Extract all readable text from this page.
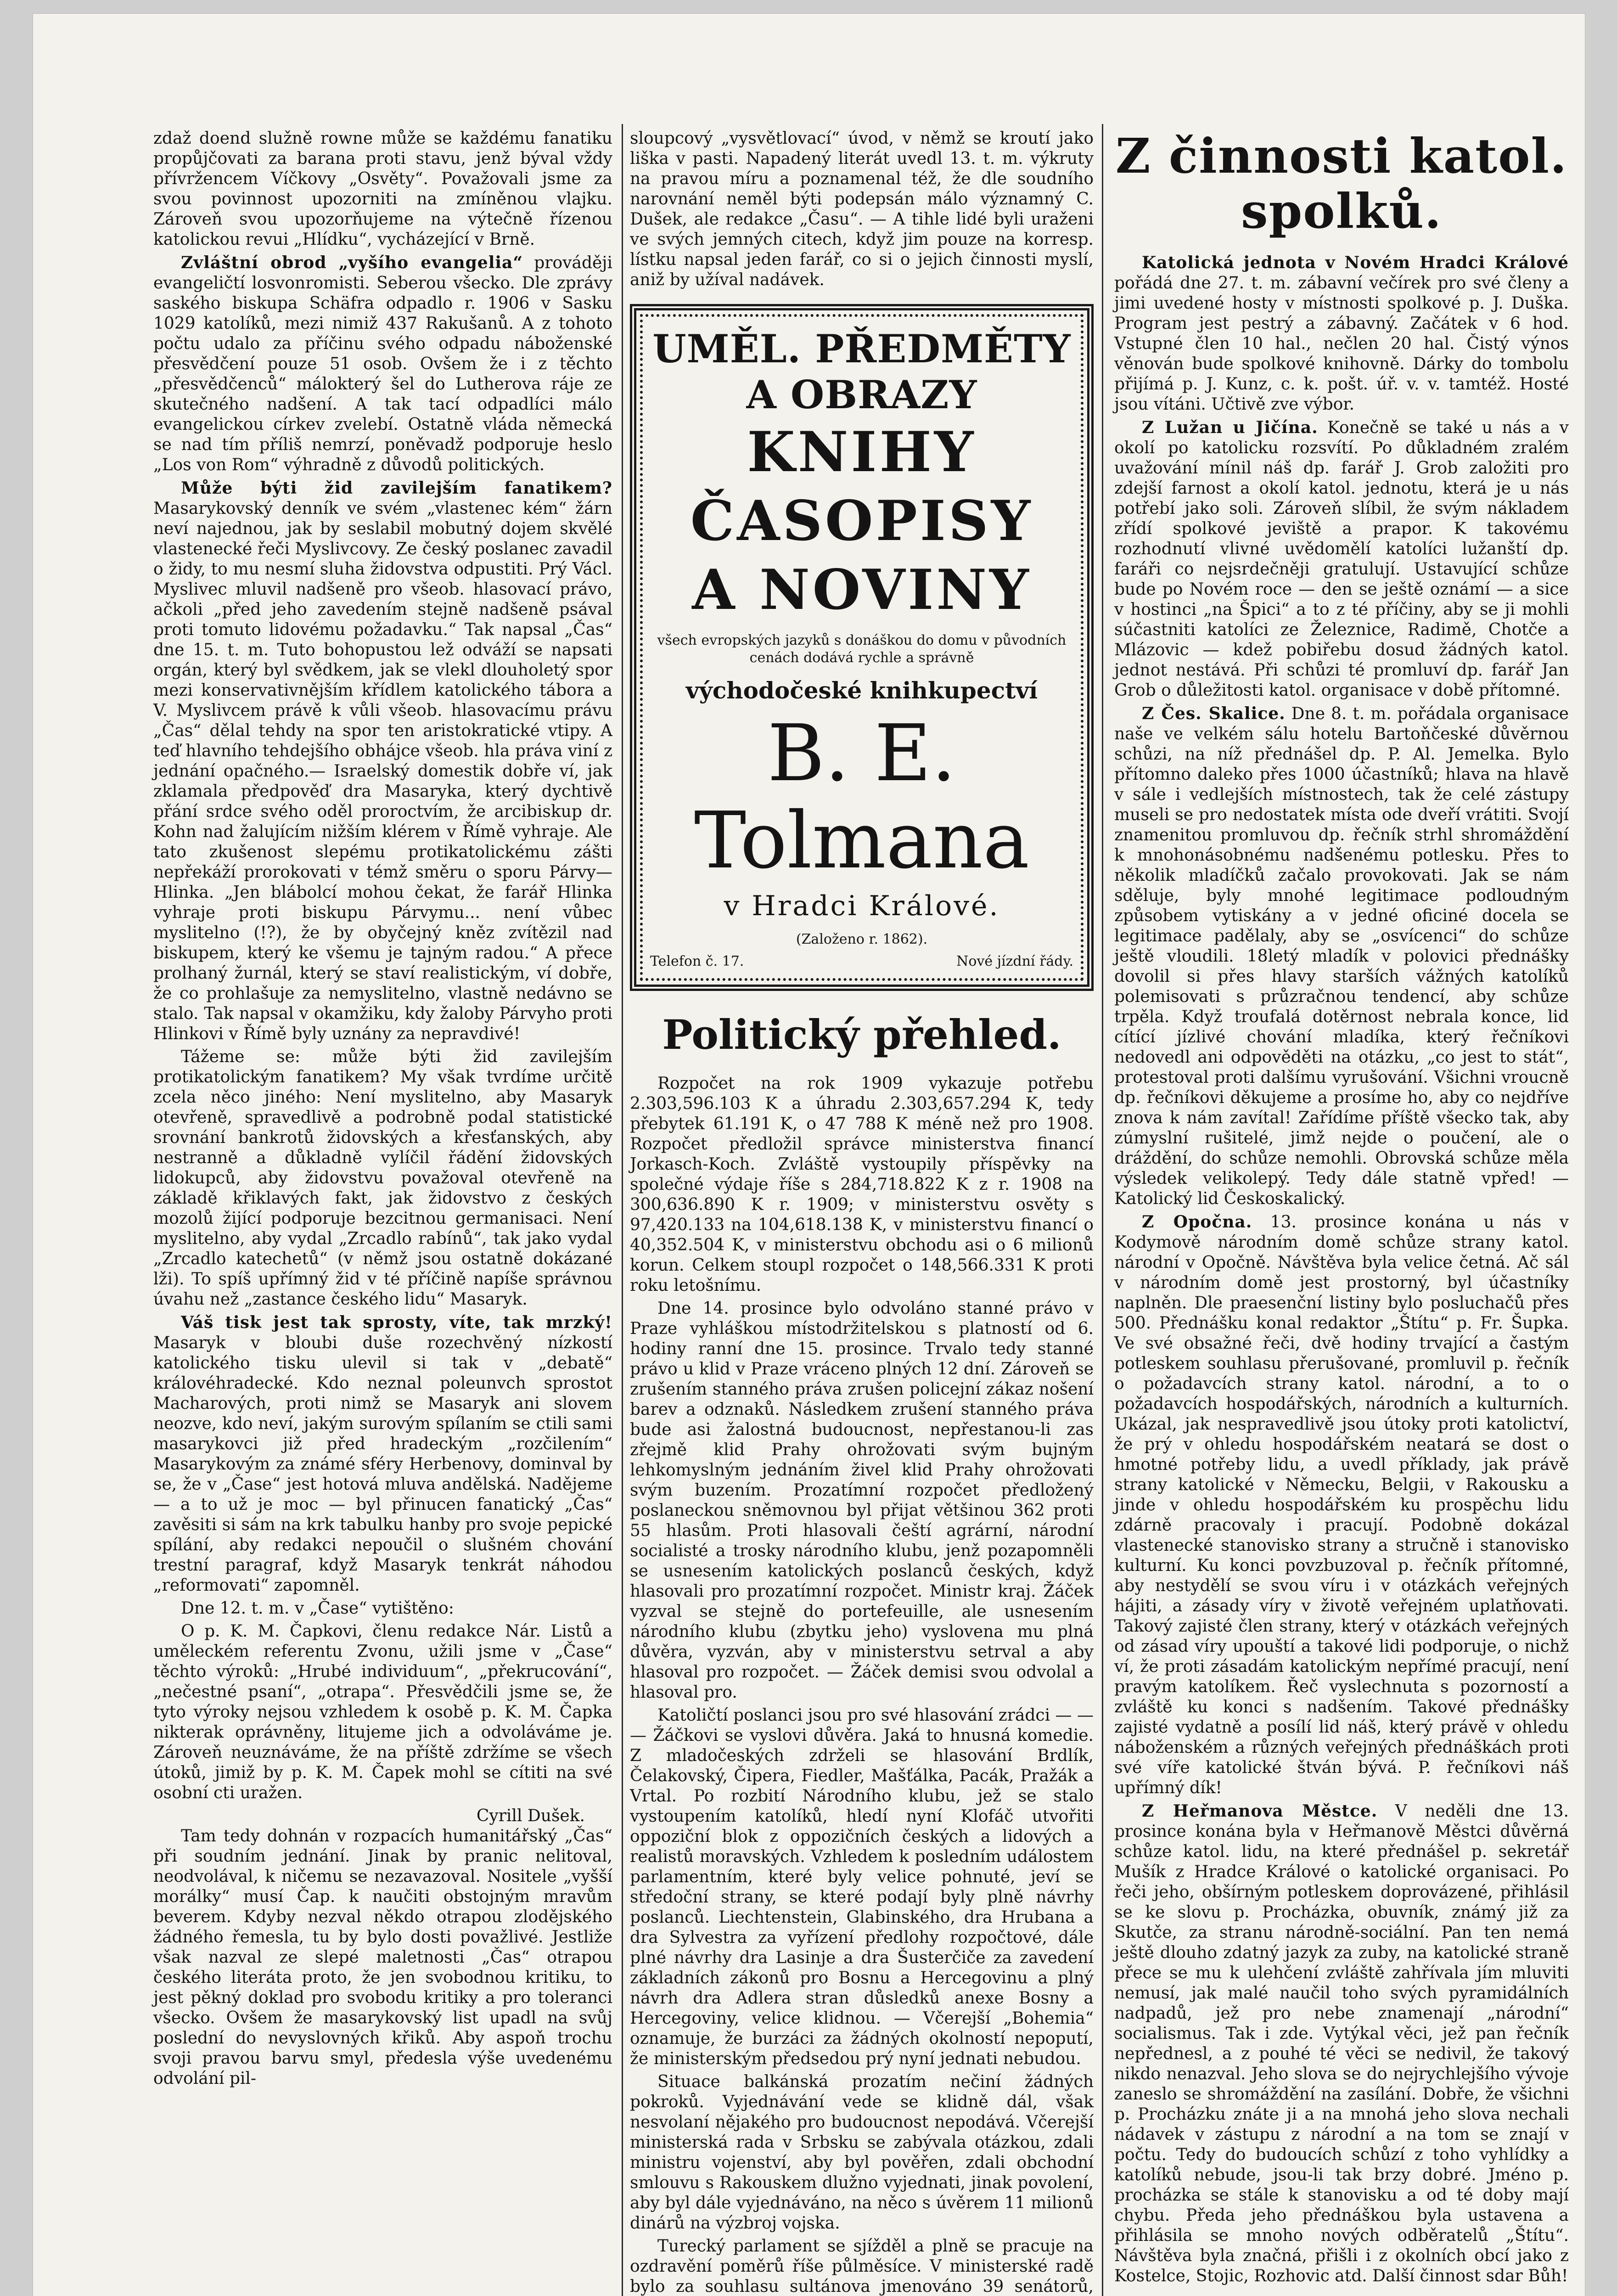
zdaž doend služně rowne může se každému fanatiku propůjčovati za barana proti stavu, jenž býval vždy přívržencem Víčkovy „Osvěty“. Považovali jsme za svou povinnost upozorniti na zmíněnou vlajku. Zároveň svou upozorňujeme na výtečně řízenou katolickou revui „Hlídku“, vycházející v Brně.

Zvláštní obrod „vyšího evangelia“ prováději evangeličtí losvonromisti. Seberou všecko. Dle zprávy saského biskupa Schäfra odpadlo r. 1906 v Sasku 1029 katolíků, mezi nimiž 437 Rakušanů. A z tohoto počtu udalo za příčinu svého odpadu náboženské přesvědčení pouze 51 osob. Ovšem že i z těchto „přesvědčenců“ málokterý šel do Lutherova ráje ze skutečného nadšení. A tak tací odpadlíci málo evangelickou církev zvelebí. Ostatně vláda německá se nad tím příliš nemrzí, poněvadž podporuje heslo „Los von Rom“ výhradně z důvodů politických.

Může býti žid zavilejším fanatikem? Masarykovský denník ve svém „vlastenec kém“ žárn neví najednou, jak by seslabil mobutný dojem skvělé vlastenecké řeči Myslivcovy. Ze český poslanec zavadil o židy, to mu nesmí sluha židovstva odpustiti. Prý Václ. Myslivec mluvil nadšeně pro všeob. hlasovací právo, ačkoli „před jeho zavedením stejně nadšeně psával proti tomuto lidovému požadavku.“ Tak napsal „Čas“ dne 15. t. m. Tuto bohopustou lež odváží se napsati orgán, který byl svědkem, jak se vlekl dlouholetý spor mezi konservativnějším křídlem katolického tábora a V. Myslivcem právě k vůli všeob. hlasovacímu právu „Čas“ dělal tehdy na spor ten aristokratické vtipy. A teď hlavního tehdejšího obhájce všeob. hla práva viní z jednání opačného.— Israelský domestik dobře ví, jak zklamala předpověď dra Masaryka, který dychtivě přání srdce svého oděl proroctvím, že arcibiskup dr. Kohn nad žalujícím nižším klérem v Římě vyhraje. Ale tato zkušenost slepému protikatolickému zášti nepřekáží prorokovati v témž směru o sporu Párvy—Hlinka. „Jen blábolcí mohou čekat, že farář Hlinka vyhraje proti biskupu Párvymu... není vůbec myslitelno (!?), že by obyčejný kněz zvítězil nad biskupem, který ke všemu je tajným radou.“ A přece prolhaný žurnál, který se staví realistickým, ví dobře, že co prohlašuje za nemyslitelno, vlastně nedávno se stalo. Tak napsal v okamžiku, kdy žaloby Párvyho proti Hlinkovi v Římě byly uznány za nepravdivé!

Tážeme se: může býti žid zavilejším protikatolickým fanatikem? My však tvrdíme určitě zcela něco jiného: Není myslitelno, aby Masaryk otevřeně, spravedlivě a podrobně podal statistické srovnání bankrotů židovských a křesťanských, aby nestranně a důkladně vylíčil řádění židovských lidokupců, aby židovstvu považoval otevřeně na základě křiklavých fakt, jak židovstvo z českých mozolů žijící podporuje bezcitnou germanisaci. Není myslitelno, aby vydal „Zrcadlo rabínů“, tak jako vydal „Zrcadlo katechetů“ (v němž jsou ostatně dokázané lži). To spíš upřímný žid v té příčině napíše správnou úvahu než „zastance českého lidu“ Masaryk.

Váš tisk jest tak sprosty, víte, tak mrzký! Masaryk v bloubi duše rozechvěný nízkostí katolického tisku ulevil si tak v „debatě“ královéhradecké. Kdo neznal poleunvch sprostot Macharových, proti nimž se Masaryk ani slovem neozve, kdo neví, jakým surovým spílaním se ctili sami masarykovci již před hradeckým „rozčilením“ Masarykovým za známé sféry Herbenovy, dominval by se, že v „Čase“ jest hotová mluva andělská. Nadějeme — a to už je moc — byl přinucen fanatický „Čas“ zavěsiti si sám na krk tabulku hanby pro svoje pepické spílání, aby redakci nepoučil o slušném chování trestní paragraf, když Masaryk tenkrát náhodou „reformovati“ zapomněl.

Dne 12. t. m. v „Čase“ vytištěno:

O p. K. M. Čapkovi, členu redakce Nár. Listů a uměleckém referentu Zvonu, užili jsme v „Čase“ těchto výroků: „Hrubé individuum“, „překrucování“, „nečestné psaní“, „otrapa“. Přesvědčili jsme se, že tyto výroky nejsou vzhledem k osobě p. K. M. Čapka nikterak oprávněny, litujeme jich a odvoláváme je. Zároveň neuznáváme, že na příště zdržíme se všech útoků, jimiž by p. K. M. Čapek mohl se cítiti na své osobní cti uražen.

Cyrill Dušek.

Tam tedy dohnán v rozpacích humanitářský „Čas“ při soudním jednání. Jinak by pranic nelitoval, neodvolával, k ničemu se nezavazoval. Nositele „vyšší morálky“ musí Čap. k naučiti obstojným mravům beverem. Kdyby nezval někdo otrapou zlodějského žádného řemesla, tu by bylo dosti považlivé. Jestliže však nazval ze slepé maletnosti „Čas“ otrapou českého literáta proto, že jen svobodnou kritiku, to jest pěkný doklad pro svobodu kritiky a pro toleranci všecko. Ovšem že masarykovský list upadl na svůj poslední do nevyslovných křiků. Aby aspoň trochu svoji pravou barvu smyl, předesla výše uvedenému odvolání pil-

sloupcový „vysvětlovací“ úvod, v němž se kroutí jako liška v pasti. Napadený literát uvedl 13. t. m. výkruty na pravou míru a poznamenal též, že dle soudního narovnání neměl býti podepsán málo významný C. Dušek, ale redakce „Času“. — A tihle lidé byli uraženi ve svých jemných citech, když jim pouze na korresp. lístku napsal jeden farář, co si o jejich činnosti myslí, aniž by užíval nadávek.

UMĚL. PŘEDMĚTY A OBRAZY
KNIHY
ČASOPISY
A NOVINY
všech evropských jazyků s donáškou do domu v původních cenách dodává rychle a správně
východočeské knihkupectví
B. E. Tolmana
v Hradci Králové.
(Založeno r. 1862).
Telefon č. 17.	Nové jízdní řády.
Politický přehled.

Rozpočet na rok 1909 vykazuje potřebu 2.303,596.103 K a úhradu 2.303,657.294 K, tedy přebytek 61.191 K, o 47 788 K méně než pro 1908. Rozpočet předložil správce ministerstva financí Jorkasch-Koch. Zvláště vystoupily příspěvky na společné výdaje říše s 284,718.822 K z r. 1908 na 300,636.890 K r. 1909; v ministerstvu osvěty s 97,420.133 na 104,618.138 K, v ministerstvu financí o 40,352.504 K, v ministerstvu obchodu asi o 6 milionů korun. Celkem stoupl rozpočet o 148,566.331 K proti roku letošnímu.

Dne 14. prosince bylo odvoláno stanné právo v Praze vyhláškou místodržitelskou s platností od 6. hodiny ranní dne 15. prosince. Trvalo tedy stanné právo u klid v Praze vráceno plných 12 dní. Zároveň se zrušením stanného práva zrušen policejní zákaz nošení barev a odznaků. Následkem zrušení stanného práva bude asi žalostná budoucnost, nepřestanou-li zas zřejmě klid Prahy ohrožovati svým bujným lehkomyslným jednáním živel klid Prahy ohrožovati svým buzením. Prozatímní rozpočet předložený poslaneckou sněmovnou byl přijat většinou 362 proti 55 hlasům. Proti hlasovali čeští agrární, národní socialisté a trosky národního klubu, jenž pozapomněli se usnesením katolických poslanců českých, když hlasovali pro prozatímní rozpočet. Ministr kraj. Žáček vyzval se stejně do portefeuille, ale usnesením národního klubu (zbytku jeho) vyslovena mu plná důvěra, vyzván, aby v ministerstvu setrval a aby hlasoval pro rozpočet. — Žáček demisi svou odvolal a hlasoval pro.

Katoličtí poslanci jsou pro své hlasování zrádci — — — Žáčkovi se vyslovi důvěra. Jaká to hnusná komedie. Z mladočeských zdrželi se hlasování Brdlík, Čelakovský, Čipera, Fiedler, Mašťálka, Pacák, Pražák a Vrtal. Po rozbití Národního klubu, jež se stalo vystoupením katolíků, hledí nyní Klofáč utvořiti oppoziční blok z oppozičních českých a lidových a realistů moravských. Vzhledem k posledním událostem parlamentním, které byly velice pohnuté, jeví se středoční strany, se které podají byly plně návrhy poslanců. Liechtenstein, Glabinského, dra Hrubana a dra Sylvestra za vyřízení předlohy rozpočtové, dále plné návrhy dra Lasinje a dra Šusterčiče za zavedení základních zákonů pro Bosnu a Hercegovinu a plný návrh dra Adlera stran důsledků anexe Bosny a Hercegoviny, velice klidnou. — Včerejší „Bohemia“ oznamuje, že burzáci za žádných okolností nepoputí, že ministerským předsedou prý nyní jednati nebudou.

Situace balkánská prozatím nečiní žádných pokroků. Vyjednávání vede se klidně dál, však nesvolaní nějakého pro budoucnost nepodává. Včerejší ministerská rada v Srbsku se zabývala otázkou, zdali ministru vojenství, aby byl pověřen, zdali obchodní smlouvu s Rakouskem dlužno vyjednati, jinak povolení, aby byl dále vyjednáváno, na něco s úvěrem 11 milionů dinárů na výzbroj vojska.

Turecký parlament se sjížděl a plně se pracuje na ozdravění poměrů říše půlměsíce. V ministerské radě bylo za souhlasu sultánova jmenováno 39 senátorů,

Z činnosti katol. spolků.

Katolická jednota v Novém Hradci Králové pořádá dne 27. t. m. zábavní večírek pro své členy a jimi uvedené hosty v místnosti spolkové p. J. Duška. Program jest pestrý a zábavný. Začátek v 6 hod. Vstupné člen 10 hal., nečlen 20 hal. Čistý výnos věnován bude spolkové knihovně. Dárky do tombolu přijímá p. J. Kunz, c. k. pošt. úř. v. v. tamtéž. Hosté jsou vítáni. Učtivě zve výbor.

Z Lužan u Jičína. Konečně se také u nás a v okolí po katolicku rozsvítí. Po důkladném zralém uvažování mínil náš dp. farář J. Grob založiti pro zdejší farnost a okolí katol. jednotu, která je u nás potřebí jako soli. Zároveň slíbil, že svým nákladem zřídí spolkové jeviště a prapor. K takovému rozhodnutí vlivné uvědomělí katolíci lužanští dp. faráři co nejsrdečněji gratulují. Ustavující schůze bude po Novém roce — den se ještě oznámí — a sice v hostinci „na Špici“ a to z té příčiny, aby se ji mohli súčastniti katolíci ze Železnice, Radimě, Chotče a Mlázovic — kdež pobiřebu dosud žádných katol. jednot nestává. Při schůzi té promluví dp. farář Jan Grob o důležitosti katol. organisace v době přítomné.

Z Čes. Skalice. Dne 8. t. m. pořádala organisace naše ve velkém sálu hotelu Bartoňčeské důvěrnou schůzi, na níž přednášel dp. P. Al. Jemelka. Bylo přítomno daleko přes 1000 účastníků; hlava na hlavě v sále i vedlejších místnostech, tak že celé zástupy museli se pro nedostatek místa ode dveří vrátiti. Svojí znamenitou promluvou dp. řečník strhl shromáždění k mnohonásobnému nadšenému potlesku. Přes to několik mladíčků začalo provokovati. Jak se nám sděluje, byly mnohé legitimace podloudným způsobem vytiskány a v jedné oficiné docela se legitimace padělaly, aby se „osvícenci“ do schůze ještě vloudili. 18letý mladík v polovici přednášky dovolil si přes hlavy starších vážných katolíků polemisovati s průzračnou tendencí, aby schůze trpěla. Když troufalá dotěrnost nebrala konce, lid cítící jízlivé chování mladíka, který řečníkovi nedovedl ani odpověděti na otázku, „co jest to stát“, protestoval proti dalšímu vyrušování. Všichni vroucně dp. řečníkovi děkujeme a prosíme ho, aby co nejdříve znova k nám zavítal! Zařídíme příště všecko tak, aby zúmyslní rušitelé, jimž nejde o poučení, ale o dráždění, do schůze nemohli. Obrovská schůze měla výsledek velikolepý. Tedy dále statně vpřed! — Katolický lid Českoskalický.

Z Opočna. 13. prosince konána u nás v Kodymově národním domě schůze strany katol. národní v Opočně. Návštěva byla velice četná. Ač sál v národním domě jest prostorný, byl účastníky naplněn. Dle praesenční listiny bylo posluchačů přes 500. Přednášku konal redaktor „Štítu“ p. Fr. Šupka. Ve své obsažné řeči, dvě hodiny trvající a častým potleskem souhlasu přerušované, promluvil p. řečník o požadavcích strany katol. národní, a to o požadavcích hospodářských, národních a kulturních. Ukázal, jak nespravedlivě jsou útoky proti katolictví, že prý v ohledu hospodářském neatará se dost o hmotné potřeby lidu, a uvedl příklady, jak právě strany katolické v Německu, Belgii, v Rakousku a jinde v ohledu hospodářském ku prospěchu lidu zdárně pracovaly i pracují. Podobně dokázal vlastenecké stanovisko strany a stručně i stanovisko kulturní. Ku konci povzbuzoval p. řečník přítomné, aby nestydělí se svou víru i v otázkách veřejných hájiti, a zásady víry v životě veřejném uplatňovati. Takový zajisté člen strany, který v otázkách veřejných od zásad víry upouští a takové lidi podporuje, o nichž ví, že proti zásadám katolickým nepřímé pracují, není pravým katolíkem. Řeč vyslechnuta s pozorností a zvláště ku konci s nadšením. Takové přednášky zajisté vydatně a posílí lid náš, který právě v ohledu náboženském a různých veřejných přednáškách proti své víře katolické štván bývá. P. řečníkovi náš upřímný dík!

Z Heřmanova Městce. V neděli dne 13. prosince konána byla v Heřmanově Městci důvěrná schůze katol. lidu, na které přednášel p. sekretář Mušík z Hradce Králové o katolické organisaci. Po řeči jeho, obšírným potleskem doprovázené, přihlásil se ke slovu p. Procházka, obuvník, známý již za Skutče, za stranu národně-sociální. Pan ten nemá ještě dlouho zdatný jazyk za zuby, na katolické straně přece se mu k ulehčení zvláště zahřívala jím mluviti nemusí, jak malé naučil toho svých pyramidálních nadpadů, jež pro nebe znamenají „národní“ socialismus. Tak i zde. Vytýkal věci, jež pan řečník nepřednesl, a z pouhé té věci se nedivil, že takový nikdo nenazval. Jeho slova se do nejrychlejšího vývoje zaneslo se shromáždění na zasílání. Dobře, že všichni p. Procházku znáte ji a na mnohá jeho slova nechali nádavek v zástupu z národní a na tom se znají v počtu. Tedy do budoucích schůzí z toho vyhlídky a katolíků nebude, jsou-li tak brzy dobré. Jméno p. procházka se stále k stanovisku a od té doby mají chybu. Předa jeho přednáškou byla ustavena a přihlásila se mnoho nových odběratelů „Štítu“. Návštěva byla značná, přišli i z okolních obcí jako z Kostelce, Stojic, Rozhovic atd. Další činnost sdar Bůh!
